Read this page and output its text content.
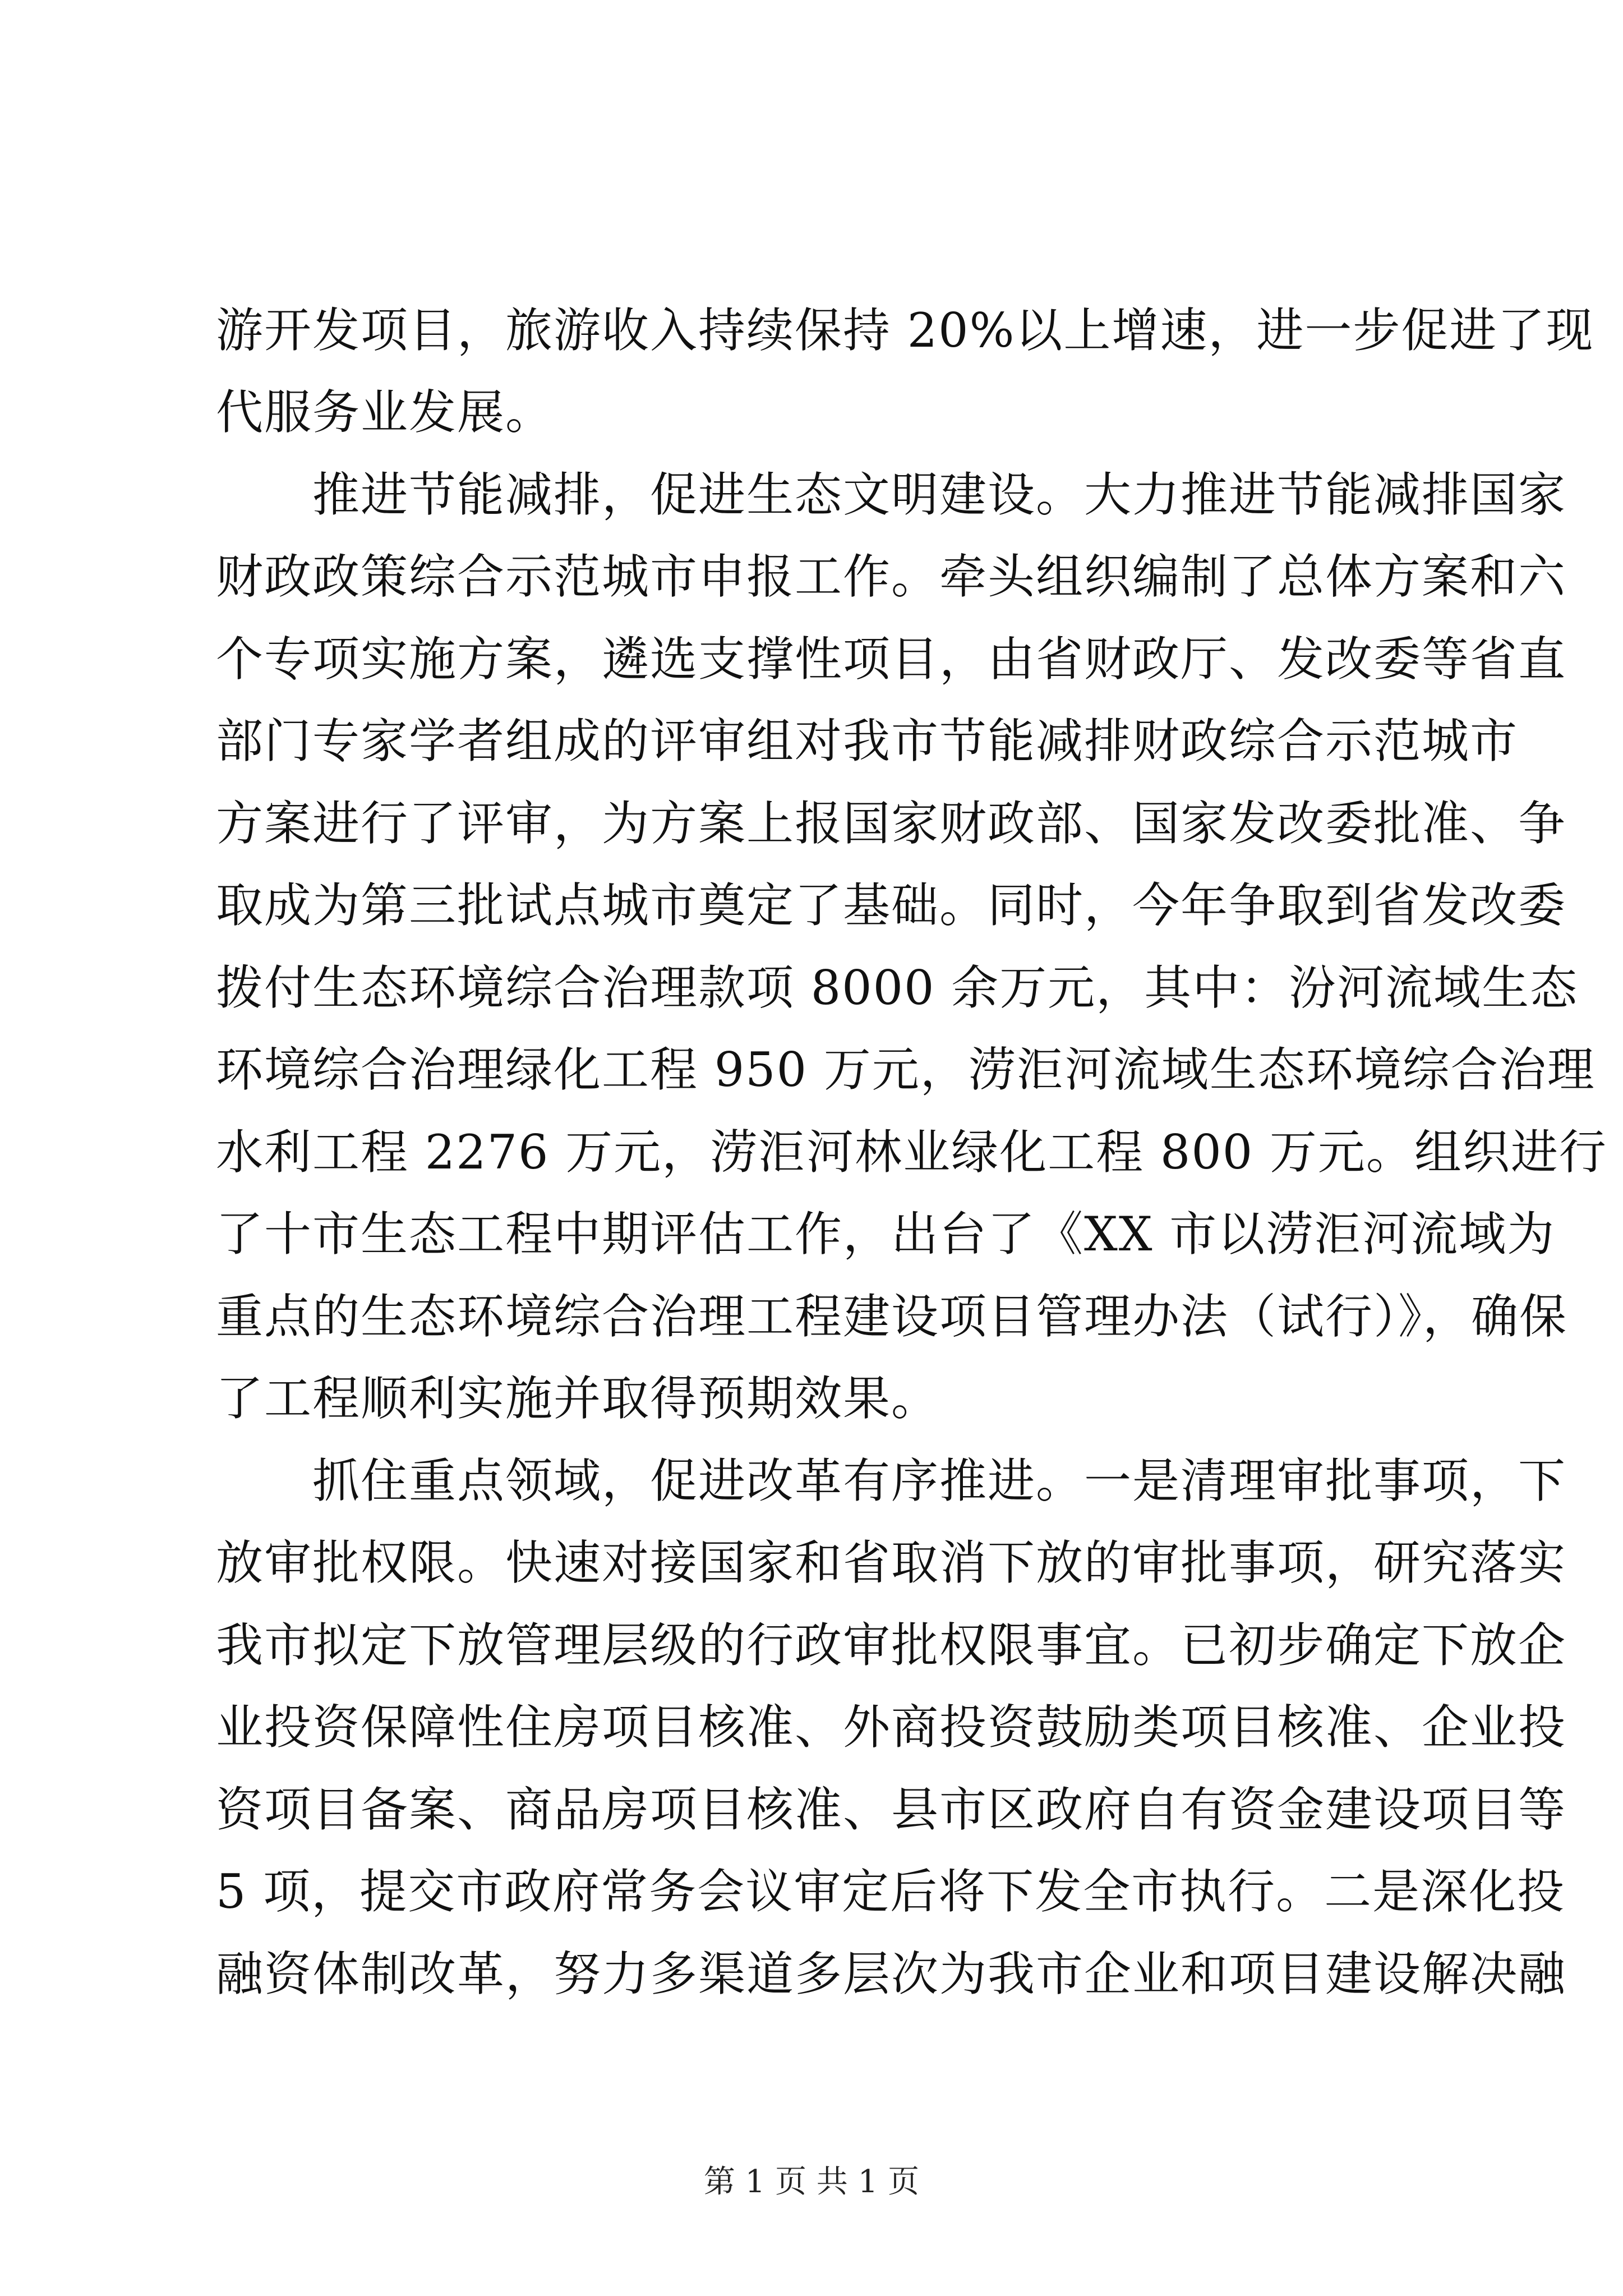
游开发项目，旅游收入持续保持 20%以上增速，进一步促进了现
代服务业发展。
　　推进节能减排，促进生态文明建设。大力推进节能减排国家
财政政策综合示范城市申报工作。牵头组织编制了总体方案和六
个专项实施方案，遴选支撑性项目，由省财政厅、发改委等省直
部门专家学者组成的评审组对我市节能减排财政综合示范城市
方案进行了评审，为方案上报国家财政部、国家发改委批准、争
取成为第三批试点城市奠定了基础。同时，今年争取到省发改委
拨付生态环境综合治理款项 8000 余万元，其中：汾河流域生态
环境综合治理绿化工程 950 万元，涝洰河流域生态环境综合治理
水利工程 2276 万元，涝洰河林业绿化工程 800 万元。组织进行
了十市生态工程中期评估工作，出台了《XX 市以涝洰河流域为
重点的生态环境综合治理工程建设项目管理办法（试行）》，确保
了工程顺利实施并取得预期效果。
　　抓住重点领域，促进改革有序推进。一是清理审批事项，下
放审批权限。快速对接国家和省取消下放的审批事项，研究落实
我市拟定下放管理层级的行政审批权限事宜。已初步确定下放企
业投资保障性住房项目核准、外商投资鼓励类项目核准、企业投
资项目备案、商品房项目核准、县市区政府自有资金建设项目等
5 项，提交市政府常务会议审定后将下发全市执行。二是深化投
融资体制改革，努力多渠道多层次为我市企业和项目建设解决融
第 1 页 共 1 页
